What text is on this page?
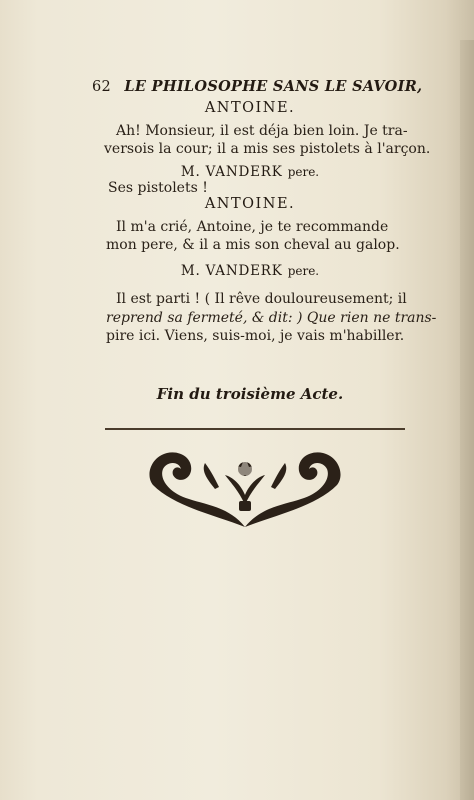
62 LE PHILOSOPHE SANS LE SAVOIR,
ANTOINE.
Ah! Monsieur, il est déja bien loin. Je tra-
versois la cour; il a mis ses pistolets à l'arçon.
M. VANDERK pere.
Ses pistolets !
ANTOINE.
Il m'a crié, Antoine, je te recommande
mon pere, & il a mis son cheval au galop.
M. VANDERK pere.
Il est parti ! ( Il rêve douloureusement; il
reprend sa fermeté, & dit: ) Que rien ne trans-
pire ici. Viens, suis-moi, je vais m'habiller.
Fin du troisième Acte.
